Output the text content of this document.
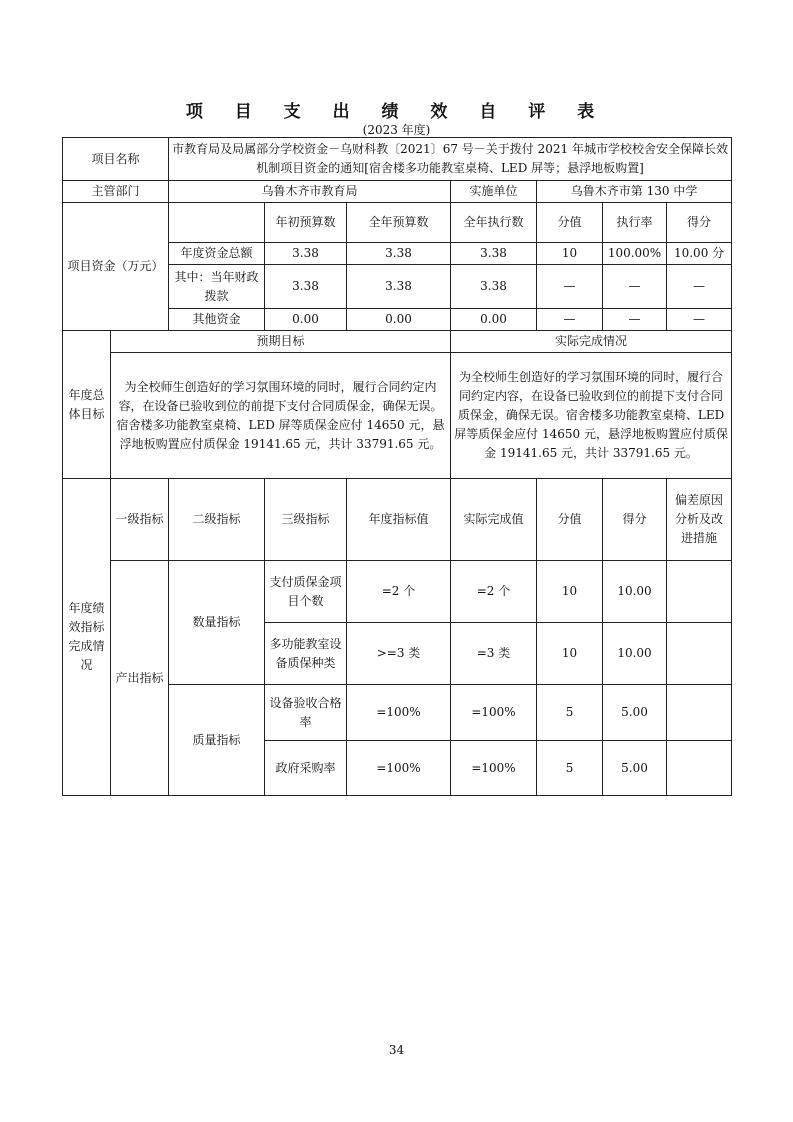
项 目 支 出 绩 效 自 评 表
(2023 年度)
项目名称		市教育局及局属部分学校资金－乌财科教〔2021〕67 号－关于拨付 2021 年城市学校校舍安全保障长效机制项目资金的通知[宿舍楼多功能教室桌椅、LED 屏等；悬浮地板购置]						
主管部门		乌鲁木齐市教育局			实施单位	乌鲁木齐市第 130 中学		
项目资金（万元）			年初预算数	全年预算数	全年执行数	分值	执行率	得分
		年度资金总额	3.38	3.38	3.38	10	100.00%	10.00 分
		其中：当年财政拨款	3.38	3.38	3.38	—	—	—
		其他资金	0.00	0.00	0.00	—	—	—
年度总体目标	预期目标				实际完成情况			
	为全校师生创造好的学习氛围环境的同时，履行合同约定内容，在设备已验收到位的前提下支付合同质保金，确保无误。宿舍楼多功能教室桌椅、LED 屏等质保金应付 14650 元，悬浮地板购置应付质保金 19141.65 元，共计 33791.65 元。				为全校师生创造好的学习氛围环境的同时，履行合同约定内容，在设备已验收到位的前提下支付合同质保金，确保无误。宿舍楼多功能教室桌椅、LED 屏等质保金应付 14650 元，悬浮地板购置应付质保金 19141.65 元，共计 33791.65 元。			
年度绩效指标完成情况	一级指标	二级指标	三级指标	年度指标值	实际完成值	分值	得分	偏差原因分析及改进措施
	产出指标	数量指标	支付质保金项目个数	=2 个	=2 个	10	10.00	
			多功能教室设备质保种类	>=3 类	=3 类	10	10.00	
		质量指标	设备验收合格率	=100%	=100%	5	5.00	
			政府采购率	=100%	=100%	5	5.00	
34
